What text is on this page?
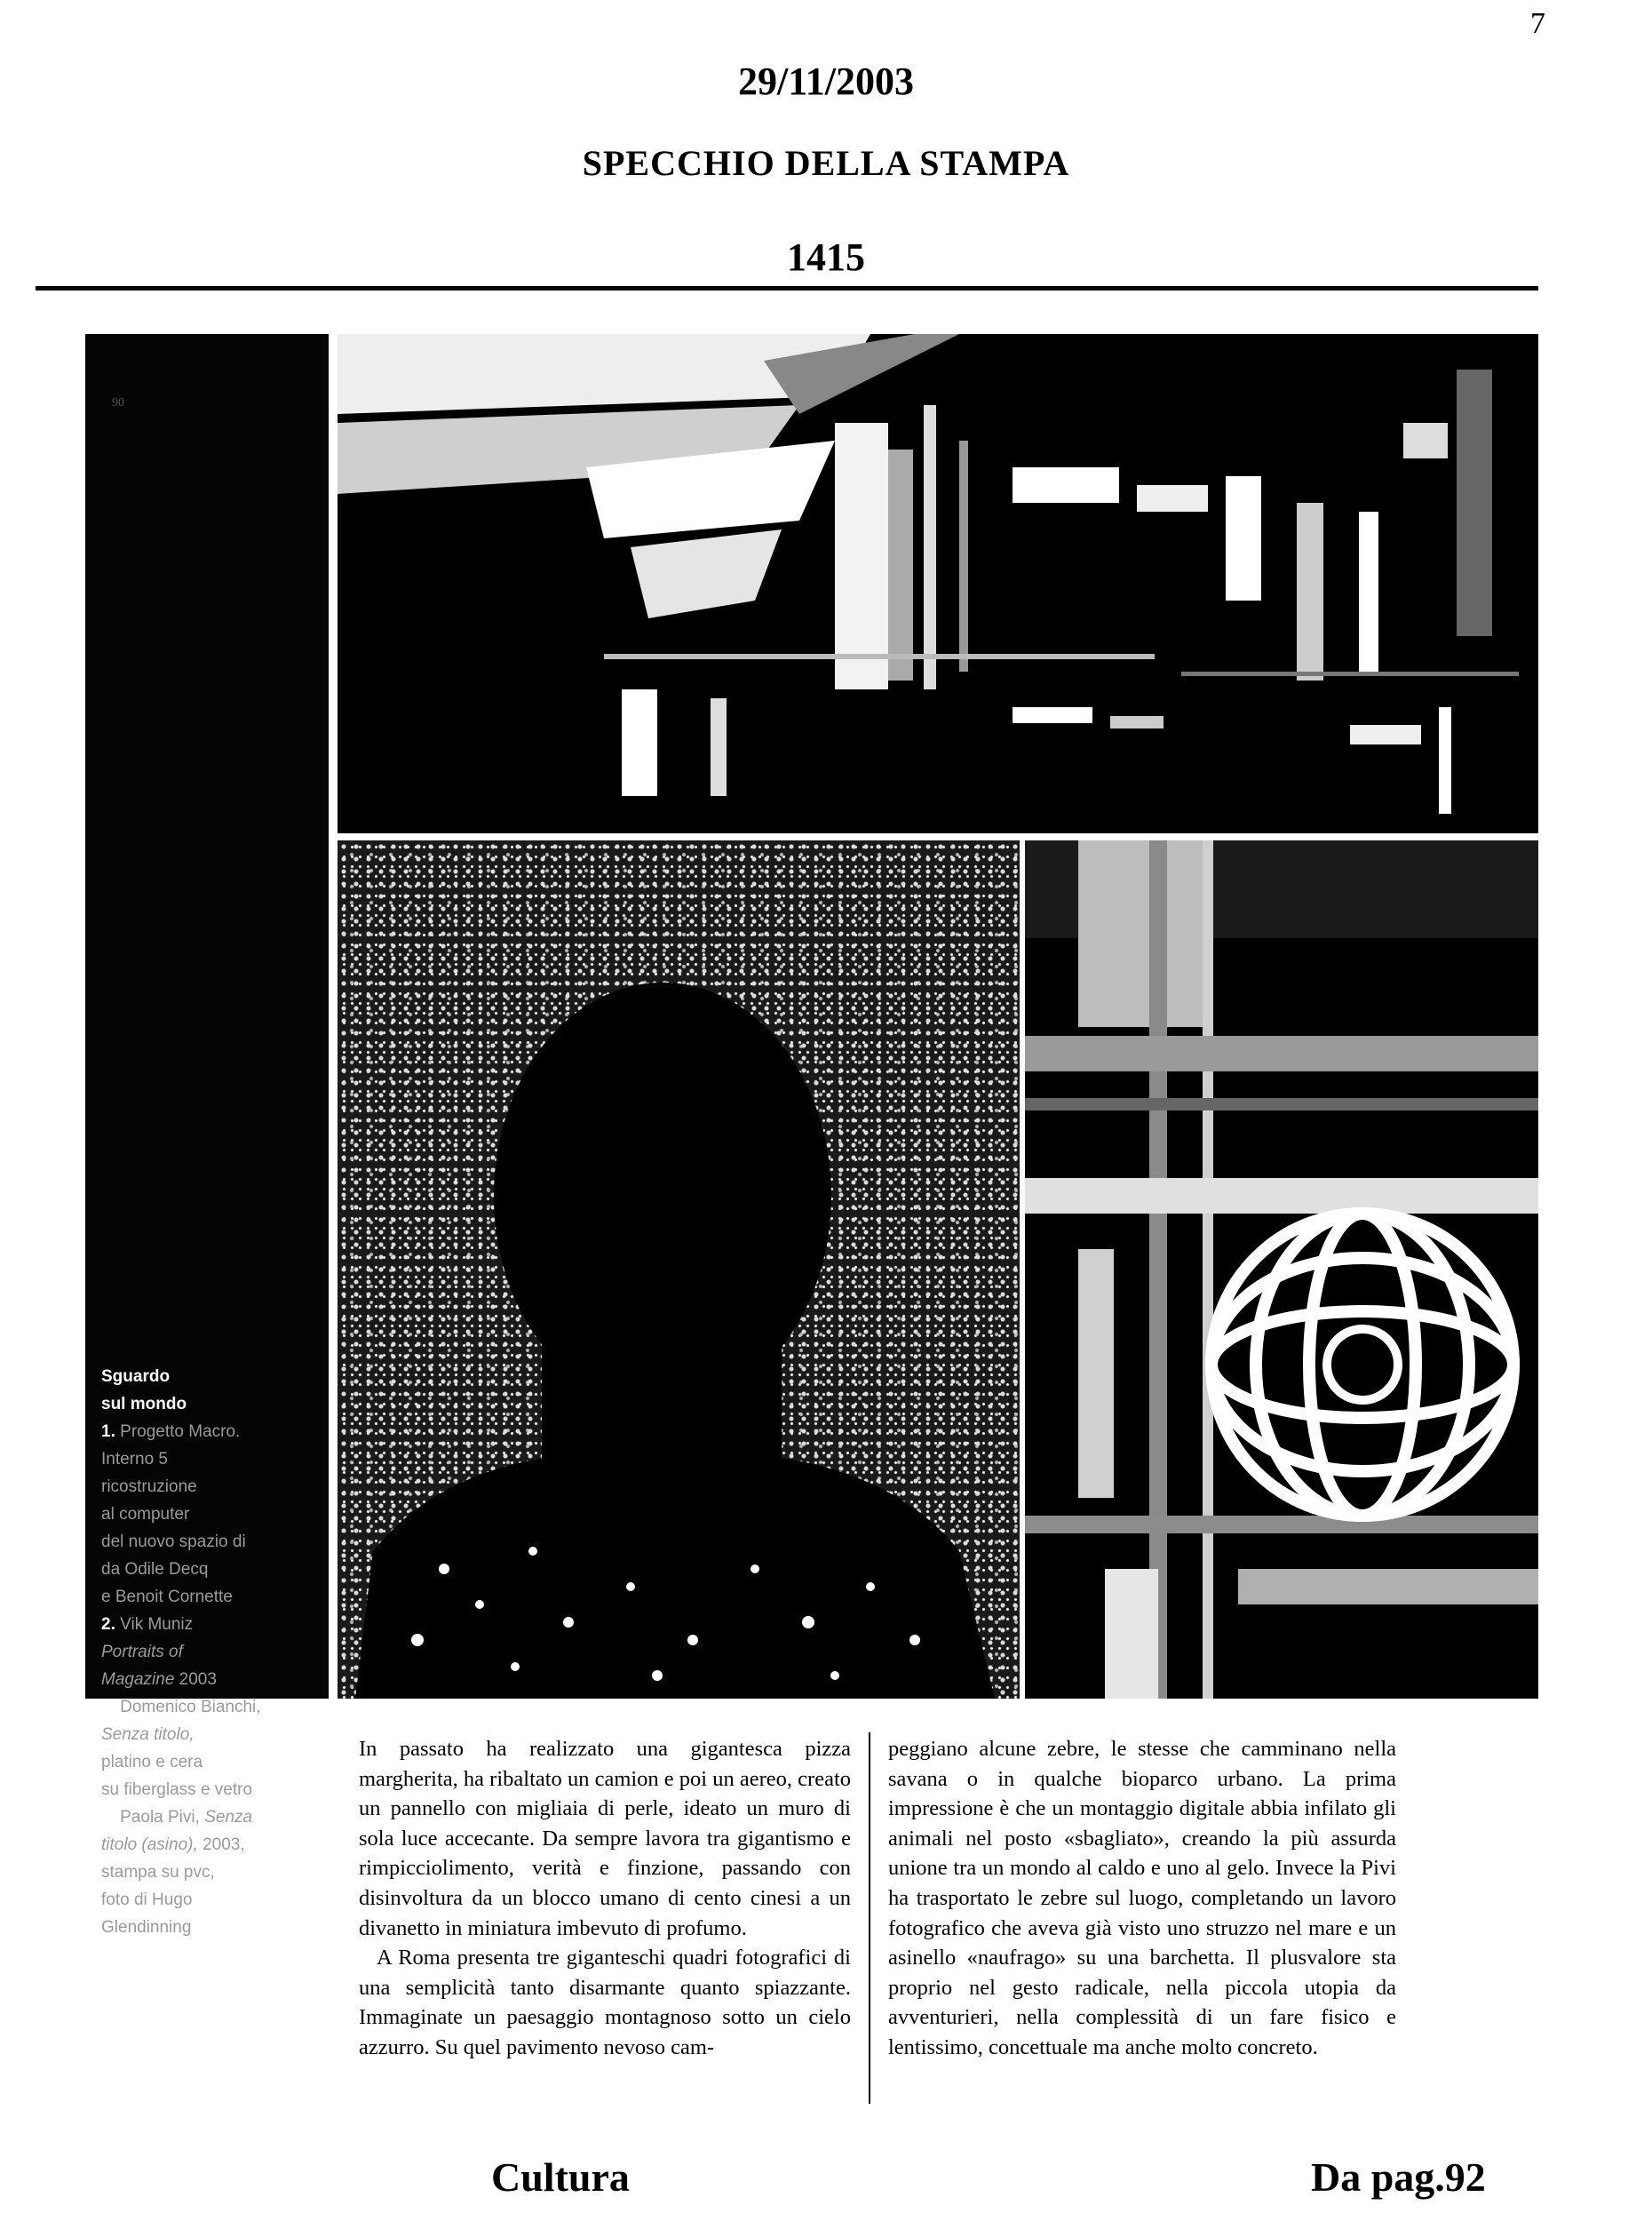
7
29/11/2003
SPECCHIO DELLA STAMPA
1415
90
Sguardo
sul mondo

1. Progetto Macro.
Interno 5
ricostruzione
al computer
del nuovo spazio di
da Odile Decq
e Benoit Cornette

2. Vik Muniz
Portraits of
Magazine 2003

3. Domenico Bianchi,
Senza titolo,
platino e cera
su fiberglass e vetro

4. Paola Pivi, Senza
titolo (asino), 2003,
stampa su pvc,
foto di Hugo
Glendinning

In passato ha realizzato una gigantesca pizza margherita, ha ribaltato un camion e poi un aereo, creato un pannello con migliaia di perle, ideato un muro di sola luce accecante. Da sempre lavora tra gigantismo e rimpicciolimento, verità e finzione, passando con disinvoltura da un blocco umano di cento cinesi a un divanetto in miniatura imbevuto di profumo.

A Roma presenta tre giganteschi quadri fotografici di una semplicità tanto disarmante quanto spiazzante. Immaginate un paesaggio montagnoso sotto un cielo azzurro. Su quel pavimento nevoso cam-

peggiano alcune zebre, le stesse che camminano nella savana o in qualche bioparco urbano. La prima impressione è che un montaggio digitale abbia infilato gli animali nel posto «sbagliato», creando la più assurda unione tra un mondo al caldo e uno al gelo. Invece la Pivi ha trasportato le zebre sul luogo, completando un lavoro fotografico che aveva già visto uno struzzo nel mare e un asinello «naufrago» su una barchetta. Il plusvalore sta proprio nel gesto radicale, nella piccola utopia da avventurieri, nella complessità di un fare fisico e lentissimo, concettuale ma anche molto concreto.

Cultura	Da pag.92
